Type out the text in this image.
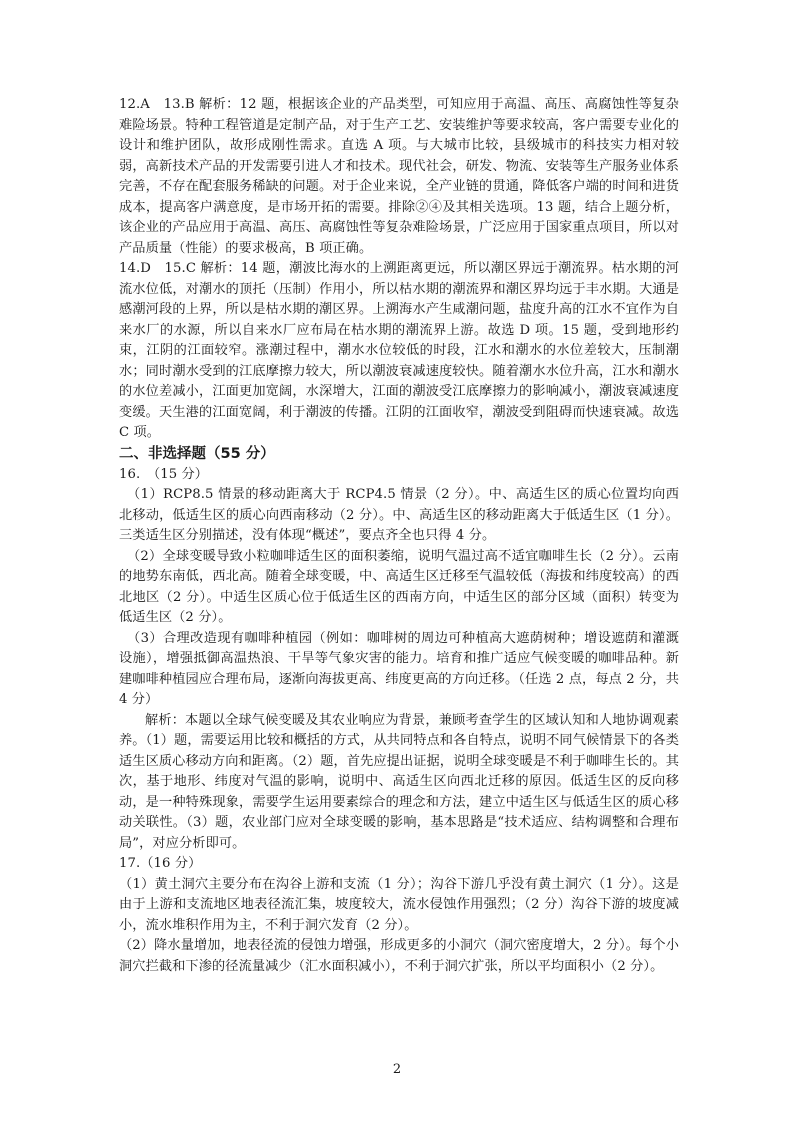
12.A　13.B 解析：12 题，根据该企业的产品类型，可知应用于高温、高压、高腐蚀性等复杂难险场景。特种工程管道是定制产品，对于生产工艺、安装维护等要求较高，客户需要专业化的设计和维护团队，故形成刚性需求。直选 A 项。与大城市比较，县级城市的科技实力相对较弱，高新技术产品的开发需要引进人才和技术。现代社会，研发、物流、安装等生产服务业体系完善，不存在配套服务稀缺的问题。对于企业来说，全产业链的贯通，降低客户端的时间和进货成本，提高客户满意度，是市场开拓的需要。排除②④及其相关选项。13 题，结合上题分析，该企业的产品应用于高温、高压、高腐蚀性等复杂难险场景，广泛应用于国家重点项目，所以对产品质量（性能）的要求极高，B 项正确。

14.D　15.C 解析：14 题，潮波比海水的上溯距离更远，所以潮区界远于潮流界。枯水期的河流水位低，对潮水的顶托（压制）作用小，所以枯水期的潮流界和潮区界均远于丰水期。大通是感潮河段的上界，所以是枯水期的潮区界。上溯海水产生咸潮问题，盐度升高的江水不宜作为自来水厂的水源，所以自来水厂应布局在枯水期的潮流界上游。故选 D 项。15 题，受到地形约束，江阴的江面较窄。涨潮过程中，潮水水位较低的时段，江水和潮水的水位差较大，压制潮水；同时潮水受到的江底摩擦力较大，所以潮波衰减速度较快。随着潮水水位升高，江水和潮水的水位差减小，江面更加宽阔，水深增大，江面的潮波受江底摩擦力的影响减小，潮波衰减速度变缓。天生港的江面宽阔，利于潮波的传播。江阴的江面收窄，潮波受到阻碍而快速衰减。故选 C 项。

二、非选择题（55 分）

16.　（15 分）

（1）RCP8.5 情景的移动距离大于 RCP4.5 情景（2 分）。中、高适生区的质心位置均向西北移动，低适生区的质心向西南移动（2 分）。中、高适生区的移动距离大于低适生区（1 分）。三类适生区分别描述，没有体现“概述”，要点齐全也只得 4 分。

（2）全球变暖导致小粒咖啡适生区的面积萎缩，说明气温过高不适宜咖啡生长（2 分）。云南的地势东南低，西北高。随着全球变暖，中、高适生区迁移至气温较低（海拔和纬度较高）的西北地区（2 分）。中适生区质心位于低适生区的西南方向，中适生区的部分区域（面积）转变为低适生区（2 分）。

（3）合理改造现有咖啡种植园（例如：咖啡树的周边可种植高大遮荫树种；增设遮荫和灌溉设施），增强抵御高温热浪、干旱等气象灾害的能力。培育和推广适应气候变暖的咖啡品种。新建咖啡种植园应合理布局，逐渐向海拔更高、纬度更高的方向迁移。（任选 2 点，每点 2 分，共 4 分）

解析：本题以全球气候变暖及其农业响应为背景，兼顾考查学生的区域认知和人地协调观素养。（1）题，需要运用比较和概括的方式，从共同特点和各自特点，说明不同气候情景下的各类适生区质心移动方向和距离。（2）题，首先应提出证据，说明全球变暖是不利于咖啡生长的。其次，基于地形、纬度对气温的影响，说明中、高适生区向西北迁移的原因。低适生区的反向移动，是一种特殊现象，需要学生运用要素综合的理念和方法，建立中适生区与低适生区的质心移动关联性。（3）题，农业部门应对全球变暖的影响，基本思路是“技术适应、结构调整和合理布局”，对应分析即可。

17.（16 分）

（1）黄土洞穴主要分布在沟谷上游和支流（1 分）；沟谷下游几乎没有黄土洞穴（1 分）。这是由于上游和支流地区地表径流汇集，坡度较大，流水侵蚀作用强烈；（2 分）沟谷下游的坡度减小，流水堆积作用为主，不利于洞穴发育（2 分）。

（2）降水量增加，地表径流的侵蚀力增强，形成更多的小洞穴（洞穴密度增大，2 分）。每个小洞穴拦截和下渗的径流量减少（汇水面积减小），不利于洞穴扩张，所以平均面积小（2 分）。

2
